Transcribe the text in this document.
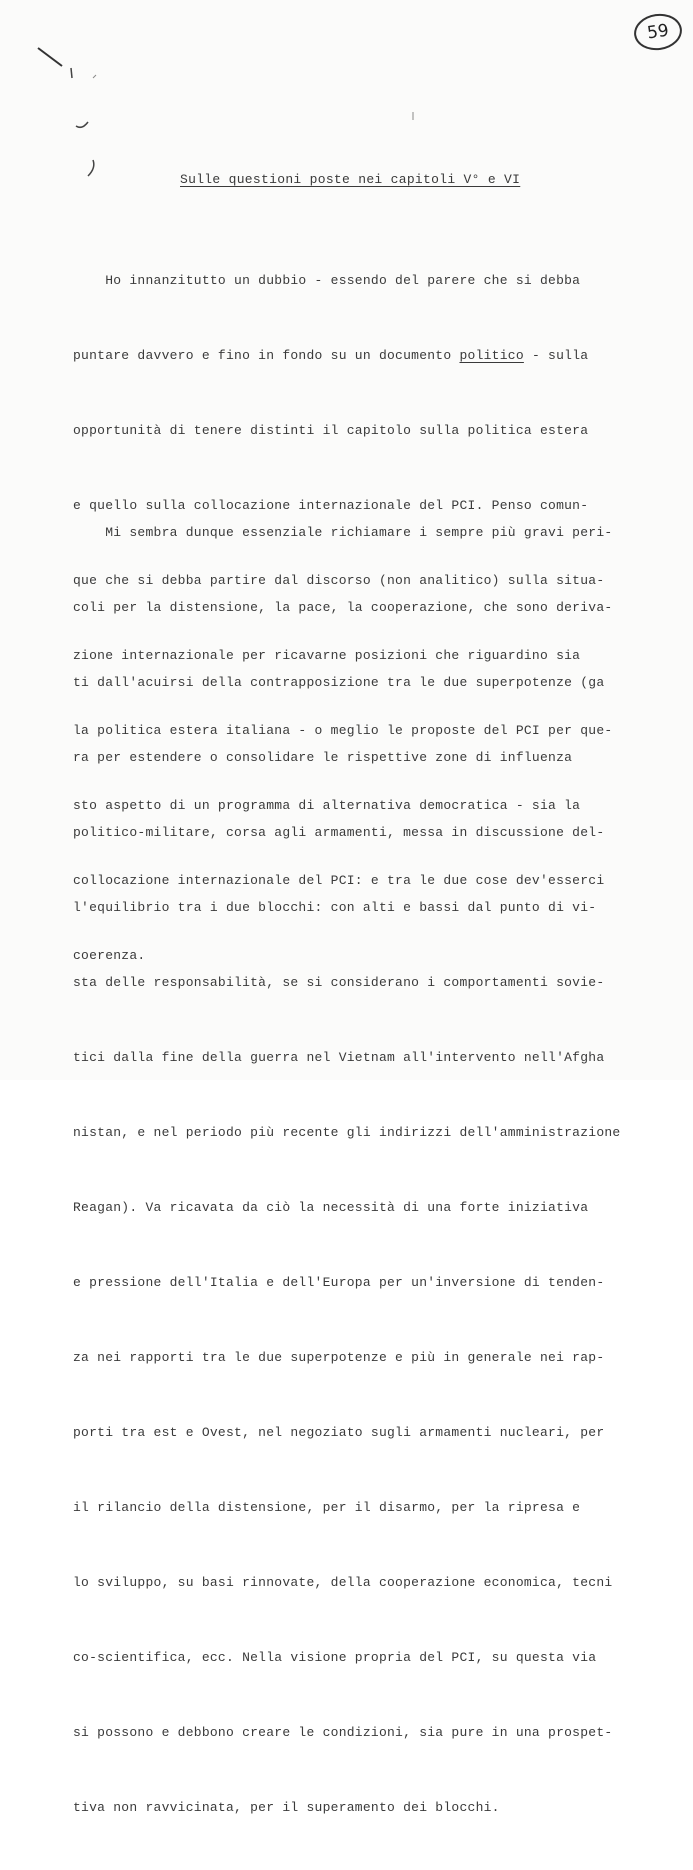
59
Sulle questioni poste nei capitoli V° e VI

Ho innanzitutto un dubbio - essendo del parere che si debba

puntare davvero e fino in fondo su un documento politico - sulla

opportunità di tenere distinti il capitolo sulla politica estera

e quello sulla collocazione internazionale del PCI. Penso comun-

que che si debba partire dal discorso (non analitico) sulla situa-

zione internazionale per ricavarne posizioni che riguardino sia

la politica estera italiana - o meglio le proposte del PCI per que-

sto aspetto di un programma di alternativa democratica - sia la

collocazione internazionale del PCI: e tra le due cose dev'esserci

coerenza.

Mi sembra dunque essenziale richiamare i sempre più gravi peri-

coli per la distensione, la pace, la cooperazione, che sono deriva-

ti dall'acuirsi della contrapposizione tra le due superpotenze (ga

ra per estendere o consolidare le rispettive zone di influenza

politico-militare, corsa agli armamenti, messa in discussione del-

l'equilibrio tra i due blocchi: con alti e bassi dal punto di vi-

sta delle responsabilità, se si considerano i comportamenti sovie-

tici dalla fine della guerra nel Vietnam all'intervento nell'Afgha

nistan, e nel periodo più recente gli indirizzi dell'amministrazione

Reagan). Va ricavata da ciò la necessità di una forte iniziativa

e pressione dell'Italia e dell'Europa per un'inversione di tenden-

za nei rapporti tra le due superpotenze e più in generale nei rap-

porti tra est e Ovest, nel negoziato sugli armamenti nucleari, per

il rilancio della distensione, per il disarmo, per la ripresa e

lo sviluppo, su basi rinnovate, della cooperazione economica, tecni

co-scientifica, ecc. Nella visione propria del PCI, su questa via

si possono e debbono creare le condizioni, sia pure in una prospet-

tiva non ravvicinata, per il superamento dei blocchi.
